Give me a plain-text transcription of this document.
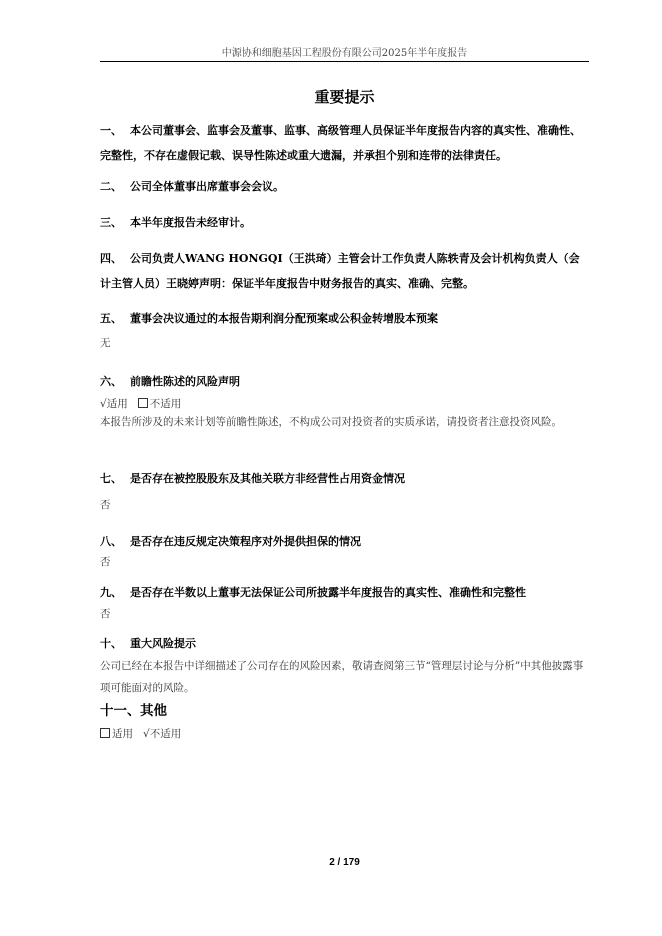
中源协和细胞基因工程股份有限公司2025年半年度报告
重要提示
一、 本公司董事会、监事会及董事、监事、高级管理人员保证半年度报告内容的真实性、准确性、完整性，不存在虚假记载、误导性陈述或重大遗漏，并承担个别和连带的法律责任。
二、 公司全体董事出席董事会会议。
三、 本半年度报告未经审计。
四、 公司负责人WANG HONGQI（王洪琦）主管会计工作负责人陈轶青及会计机构负责人（会计主管人员）王晓婷声明：保证半年度报告中财务报告的真实、准确、完整。
五、 董事会决议通过的本报告期利润分配预案或公积金转增股本预案
无
六、 前瞻性陈述的风险声明
√适用 不适用
本报告所涉及的未来计划等前瞻性陈述，不构成公司对投资者的实质承诺，请投资者注意投资风险。
七、 是否存在被控股股东及其他关联方非经营性占用资金情况
否
八、 是否存在违反规定决策程序对外提供担保的情况
否
九、 是否存在半数以上董事无法保证公司所披露半年度报告的真实性、准确性和完整性
否
十、 重大风险提示
公司已经在本报告中详细描述了公司存在的风险因素，敬请查阅第三节“管理层讨论与分析”中其他披露事项可能面对的风险。
十一、其他
适用 √不适用
2 / 179
